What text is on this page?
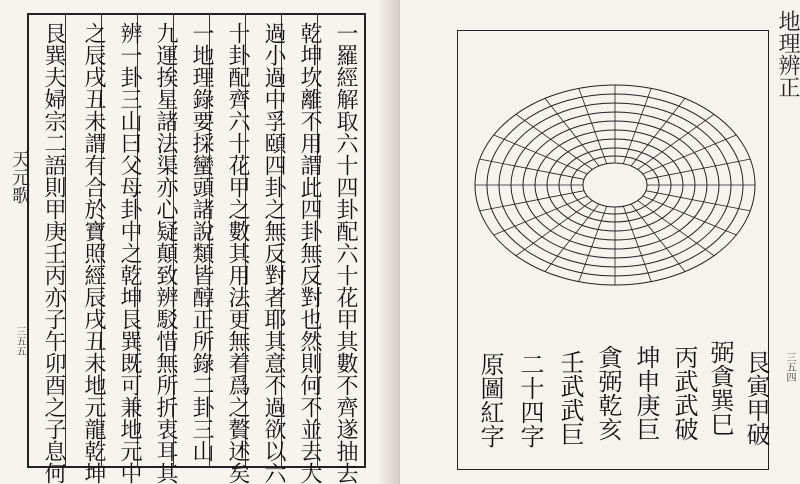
天元歌
三五五	一羅經解取六十四卦配六十花甲其數不齊遂抽去
乾坤坎離不用謂此四卦無反對也然則何不並去大
過小過中孚頤四卦之無反對者耶其意不過欲以六
十卦配齊六十花甲之數其用法更無着爲之贅述矣
一地理錄要採蠻頭諸說類皆醇正所錄二卦三山
九運挨星諸法渠亦心疑顛致辨駁惜無所折衷耳其
辨一卦三山曰父母卦中之乾坤艮巽既可兼地元中
之辰戌丑未謂有合於寶照經辰戌丑未地元龍乾坤
艮巽夫婦宗二語則甲庚壬丙亦子午卯酉之子息何	地理辨正
三五四
艮寅甲破
弼貪巽巳
丙武武破
坤申庚巨
貪弼乾亥
壬武武巨
二十四字
原圖紅字
